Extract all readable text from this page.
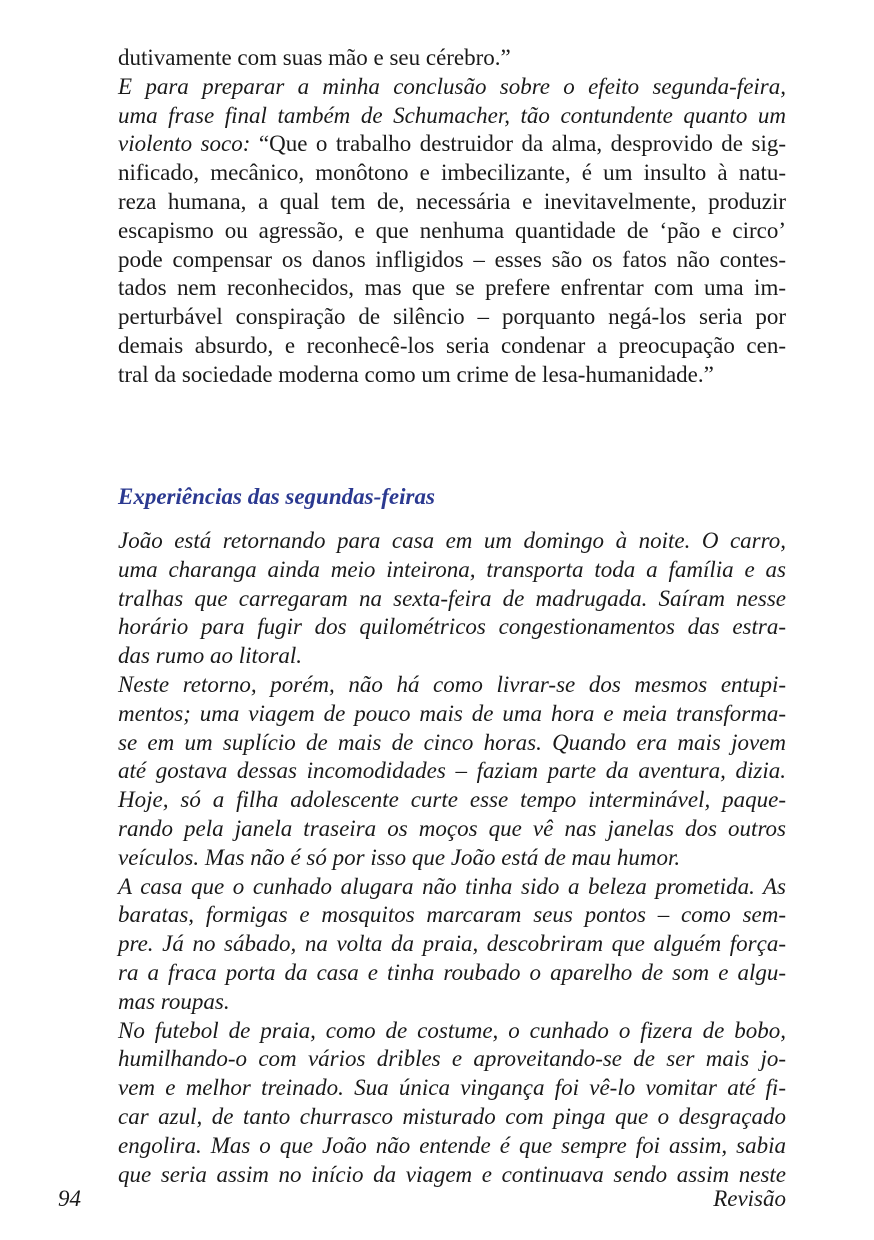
dutivamente com suas mão e seu cérebro.”
E para preparar a minha conclusão sobre o efeito segunda-feira,
uma frase final também de Schumacher, tão contundente quanto um
violento soco: “Que o trabalho destruidor da alma, desprovido de sig-
nificado, mecânico, monôtono e imbecilizante, é um insulto à natu-
reza humana, a qual tem de, necessária e inevitavelmente, produzir
escapismo ou agressão, e que nenhuma quantidade de ‘pão e circo’
pode compensar os danos infligidos – esses são os fatos não contes-
tados nem reconhecidos, mas que se prefere enfrentar com uma im-
perturbável conspiração de silêncio – porquanto negá-los seria por
demais absurdo, e reconhecê-los seria condenar a preocupação cen-
tral da sociedade moderna como um crime de lesa-humanidade.”
Experiências das segundas-feiras
João está retornando para casa em um domingo à noite. O carro,
uma charanga ainda meio inteirona, transporta toda a família e as
tralhas que carregaram na sexta-feira de madrugada. Saíram nesse
horário para fugir dos quilométricos congestionamentos das estra-
das rumo ao litoral.
Neste retorno, porém, não há como livrar-se dos mesmos entupi-
mentos; uma viagem de pouco mais de uma hora e meia transforma-
se em um suplício de mais de cinco horas. Quando era mais jovem
até gostava dessas incomodidades – faziam parte da aventura, dizia.
Hoje, só a filha adolescente curte esse tempo interminável, paque-
rando pela janela traseira os moços que vê nas janelas dos outros
veículos. Mas não é só por isso que João está de mau humor.
A casa que o cunhado alugara não tinha sido a beleza prometida. As
baratas, formigas e mosquitos marcaram seus pontos – como sem-
pre. Já no sábado, na volta da praia, descobriram que alguém força-
ra a fraca porta da casa e tinha roubado o aparelho de som e algu-
mas roupas.
No futebol de praia, como de costume, o cunhado o fizera de bobo,
humilhando-o com vários dribles e aproveitando-se de ser mais jo-
vem e melhor treinado. Sua única vingança foi vê-lo vomitar até fi-
car azul, de tanto churrasco misturado com pinga que o desgraçado
engolira. Mas o que João não entende é que sempre foi assim, sabia
que seria assim no início da viagem e continuava sendo assim neste
94	Revisão
